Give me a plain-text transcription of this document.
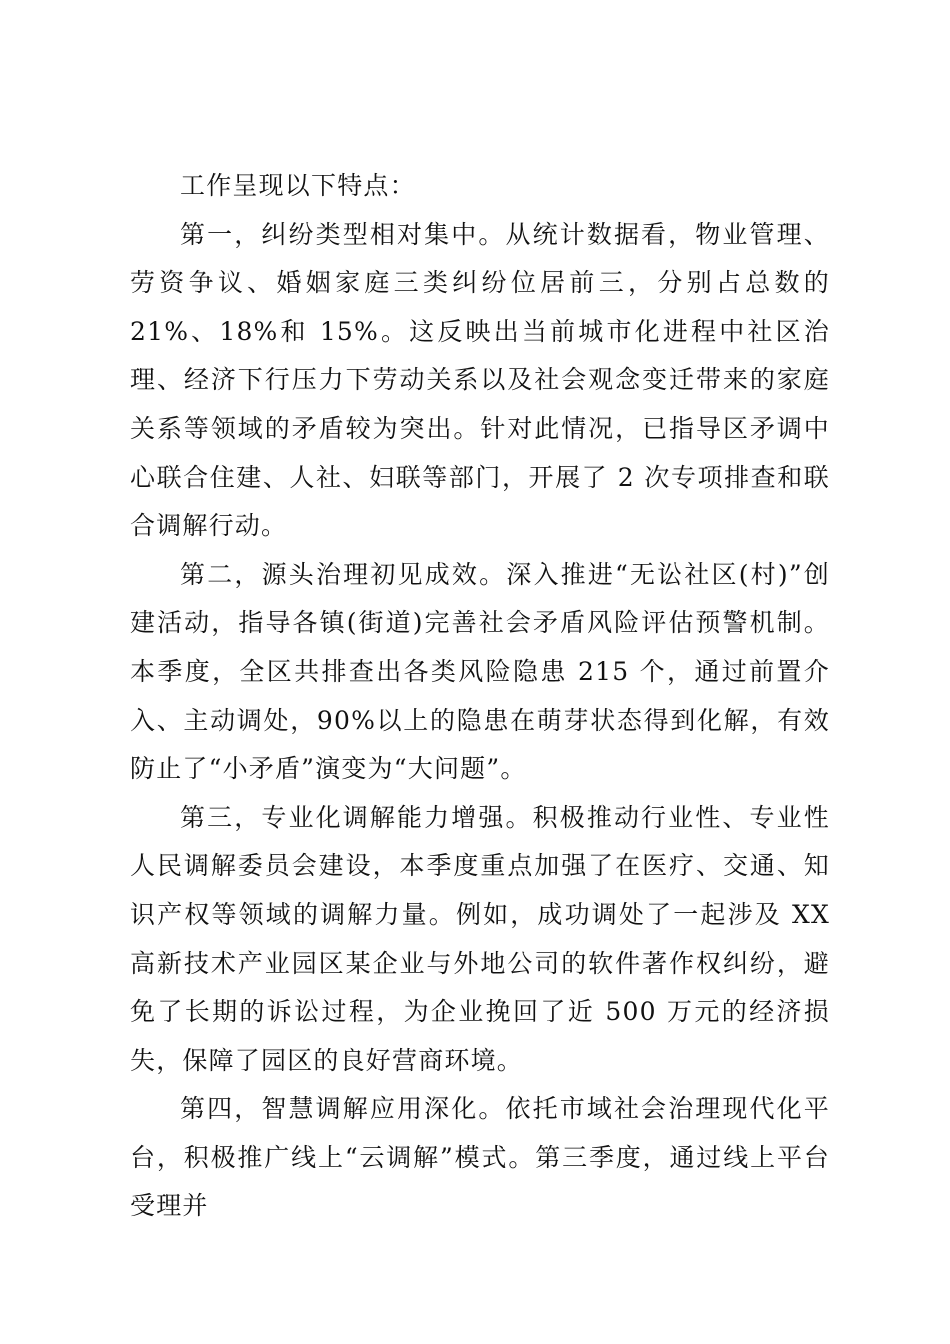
工作呈现以下特点：

第一，纠纷类型相对集中。从统计数据看，物业管理、劳资争议、婚姻家庭三类纠纷位居前三，分别占总数的 21%、18%和 15%。这反映出当前城市化进程中社区治理、经济下行压力下劳动关系以及社会观念变迁带来的家庭关系等领域的矛盾较为突出。针对此情况，已指导区矛调中心联合住建、人社、妇联等部门，开展了 2 次专项排查和联合调解行动。

第二，源头治理初见成效。深入推进“无讼社区(村)”创建活动，指导各镇(街道)完善社会矛盾风险评估预警机制。本季度，全区共排查出各类风险隐患 215 个，通过前置介入、主动调处，90%以上的隐患在萌芽状态得到化解，有效防止了“小矛盾”演变为“大问题”。

第三，专业化调解能力增强。积极推动行业性、专业性人民调解委员会建设，本季度重点加强了在医疗、交通、知识产权等领域的调解力量。例如，成功调处了一起涉及 XX 高新技术产业园区某企业与外地公司的软件著作权纠纷，避免了长期的诉讼过程，为企业挽回了近 500 万元的经济损失，保障了园区的良好营商环境。

第四，智慧调解应用深化。依托市域社会治理现代化平台，积极推广线上“云调解”模式。第三季度，通过线上平台受理并
